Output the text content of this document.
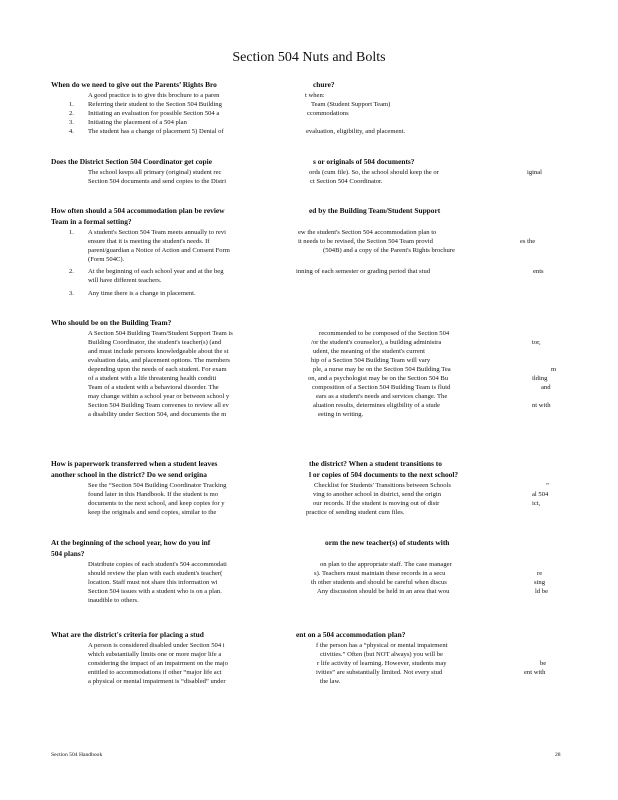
Section 504 Nuts and Bolts
When do we need to give out the Parents’ Rights Bro	chure?
A good practice is to give this brochure to a paren	t when:
1. Referring their student to the Section 504 Building	Team (Student Support Team)
2. Initiating an evaluation for possible Section 504 a	ccommodations
3. Initiating the placement of a 504 plan
4. The student has a change of placement 5) Denial of	evaluation, eligibility, and placement.
Does the District Section 504 Coordinator get copie	s or originals of 504 documents?
The school keeps all primary (original) student rec	ords (cum file). So, the school should keep the or	iginal
Section 504 documents and send copies to the Distri	ct Section 504 Coordinator.
How often should a 504 accommodation plan be review	ed by the Building Team/Student Support
Team in a formal setting?
1. A student's Section 504 Team meets annually to revi	ew the student's Section 504 accommodation plan to
ensure that it is meeting the student's needs. If	it needs to be revised, the Section 504 Team provid	es the
parent/guardian a Notice of Action and Consent Form	(504B) and a copy of the Parent's Rights brochure
(Form 504C).
2. At the beginning of each school year and at the beg	inning of each semester or grading period that stud	ents
will have different teachers.
3. Any time there is a change in placement.
Who should be on the Building Team?
A Section 504 Building Team/Student Support Team is	recommended to be composed of the Section 504
Building Coordinator, the student's teacher(s) (and	/or the student's counselor), a building administra	tor,
and must include persons knowledgeable about the st	udent, the meaning of the student's current
evaluation data, and placement options. The members	hip of a Section 504 Building Team will vary
depending upon the needs of each student. For exam	ple, a nurse may be on the Section 504 Building Tea	m
of a student with a life threatening health conditi	on, and a psychologist may be on the Section 504 Bu	ilding
Team of a student with a behavioral disorder. The	composition of a Section 504 Building Team is fluid	and
may change within a school year or between school y	ears as a student's needs and services change. The
Section 504 Building Team convenes to review all ev	aluation results, determines eligibility of a stude	nt with
a disability under Section 504, and documents the m	eeting in writing.
How is paperwork transferred when a student leaves	the district? When a student transitions to
another school in the district? Do we send origina	l or copies of 504 documents to the next school?
See the “Section 504 Building Coordinator Tracking	Checklist for Students' Transitions between Schools	”
found later in this Handbook. If the student is mo	ving to another school in district, send the origin	al 504
documents to the next school, and keep copies for y	our records. If the student is moving out of distr	ict,
keep the originals and send copies, similar to the	practice of sending student cum files.
At the beginning of the school year, how do you inf	orm the new teacher(s) of students with
504 plans?
Distribute copies of each student's 504 accommodati	on plan to the appropriate staff. The case manager
should review the plan with each student's teacher(	s). Teachers must maintain these records in a secu	re
location. Staff must not share this information wi	th other students and should be careful when discus	sing
Section 504 issues with a student who is on a plan.	Any discussion should be held in an area that wou	ld be
inaudible to others.
What are the district's criteria for placing a stud	ent on a 504 accommodation plan?
A person is considered disabled under Section 504 i	f the person has a “physical or mental impairment
which substantially limits one or more major life a	ctivities.” Often (but NOT always) you will be
considering the impact of an impairment on the majo	r life activity of learning. However, students may	be
entitled to accommodations if other “major life act	ivities” are substantially limited. Not every stud	ent with
a physical or mental impairment is “disabled” under	the law.
Section 504 Handbook	28
